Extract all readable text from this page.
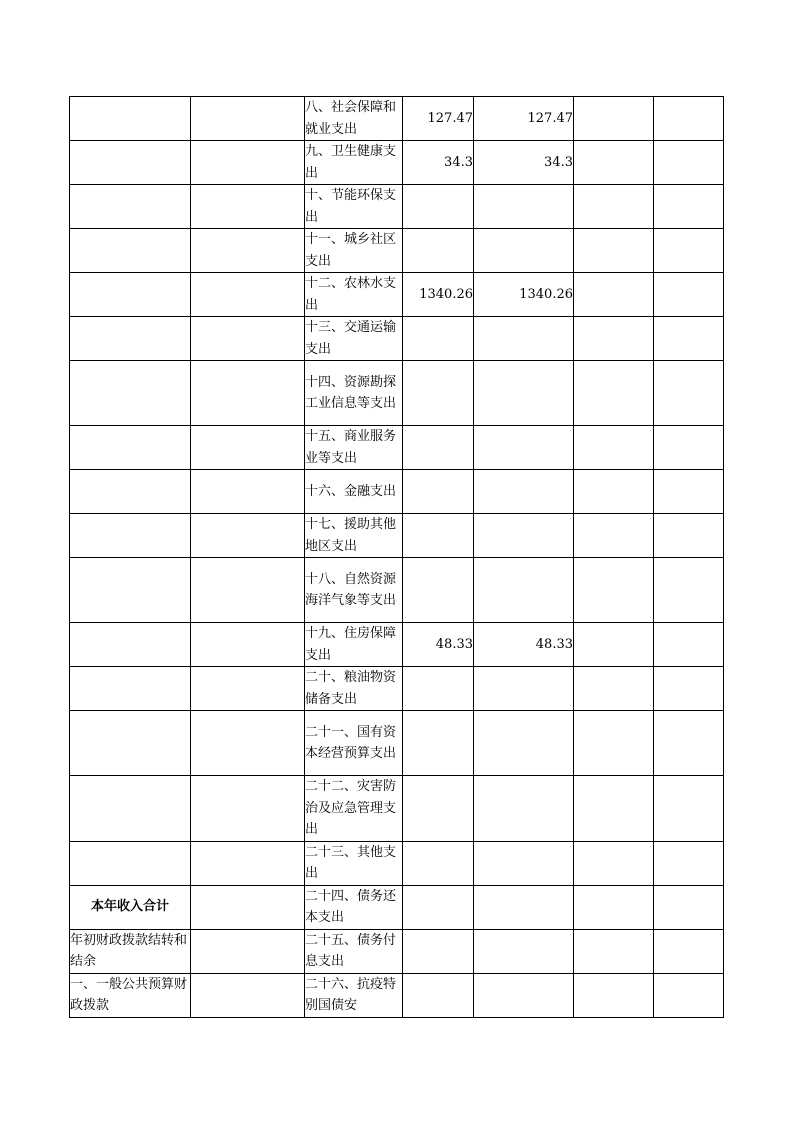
		八、社会保障和就业支出	127.47	127.47		
		九、卫生健康支出	34.3	34.3		
		十、节能环保支出				
		十一、城乡社区支出				
		十二、农林水支出	1340.26	1340.26		
		十三、交通运输支出				
		十四、资源勘探工业信息等支出				
		十五、商业服务业等支出				
		十六、金融支出				
		十七、援助其他地区支出				
		十八、自然资源海洋气象等支出				
		十九、住房保障支出	48.33	48.33		
		二十、粮油物资储备支出				
		二十一、国有资本经营预算支出				
		二十二、灾害防治及应急管理支出				
		二十三、其他支出				
本年收入合计		二十四、债务还本支出				
年初财政拨款结转和结余		二十五、债务付息支出				
一、一般公共预算财政拨款		二十六、抗疫特别国债安				
